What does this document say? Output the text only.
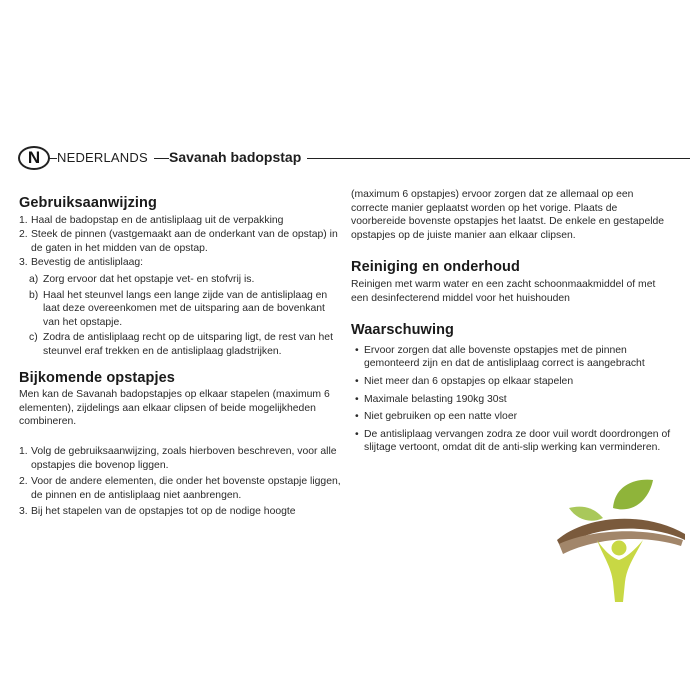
N	NEDERLANDS	Savanah badopstap
Gebruiksaanwijzing
1. Haal de badopstap en de antisliplaag uit de verpakking
2. Steek de pinnen (vastgemaakt aan de onderkant van de opstap) in de gaten in het midden van de opstap.
3. Bevestig de antisliplaag:
a) Zorg ervoor dat het opstapje vet- en stofvrij is.
b) Haal het steunvel langs een lange zijde van de antisliplaag en laat deze overeenkomen met de uitsparing aan de bovenkant van het opstapje.
c) Zodra de antisliplaag recht op de uitsparing ligt, de rest van het steunvel eraf trekken en de antisliplaag gladstrijken.
Bijkomende opstapjes

Men kan de Savanah badopstapjes op elkaar stapelen (maximum 6 elementen), zijdelings aan elkaar clipsen of beide mogelijkheden combineren.

1. Volg de gebruiksaanwijzing, zoals hierboven beschreven, voor alle opstapjes die bovenop liggen.
2. Voor de andere elementen, die onder het bovenste opstapje liggen, de pinnen en de antisliplaag niet aanbrengen.
3. Bij het stapelen van de opstapjes tot op de nodige hoogte

(maximum 6 opstapjes) ervoor zorgen dat ze allemaal op een correcte manier geplaatst worden op het vorige. Plaats de voorbereide bovenste opstapjes het laatst. De enkele en gestapelde opstapjes op de juiste manier aan elkaar clipsen.

Reiniging en onderhoud

Reinigen met warm water en een zacht schoonmaakmiddel of met een desinfecterend middel voor het huishouden

Waarschuwing
• Ervoor zorgen dat alle bovenste opstapjes met de pinnen gemonteerd zijn en dat de antisliplaag correct is aangebracht
• Niet meer dan 6 opstapjes op elkaar stapelen
• Maximale belasting 190kg 30st
• Niet gebruiken op een natte vloer
• De antisliplaag vervangen zodra ze door vuil wordt doordrongen of slijtage vertoont, omdat dit de anti-slip werking kan verminderen.
